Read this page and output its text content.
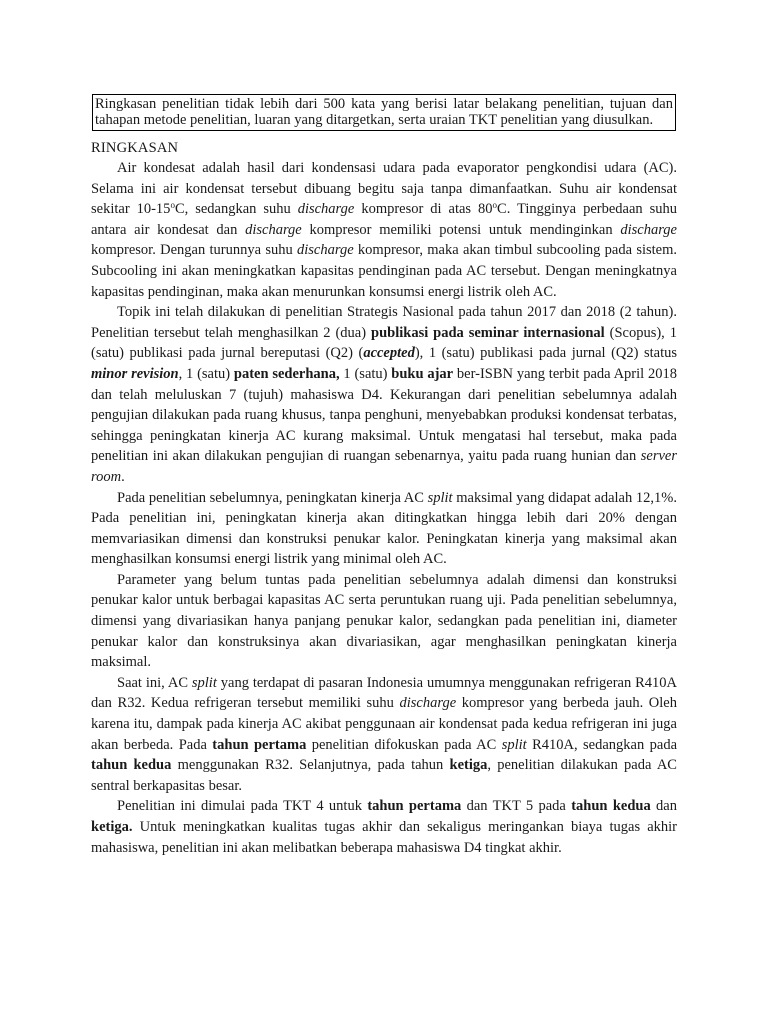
Ringkasan penelitian tidak lebih dari 500 kata yang berisi latar belakang penelitian, tujuan dan tahapan metode penelitian, luaran yang ditargetkan, serta uraian TKT penelitian yang diusulkan.
RINGKASAN

Air kondesat adalah hasil dari kondensasi udara pada evaporator pengkondisi udara (AC). Selama ini air kondensat tersebut dibuang begitu saja tanpa dimanfaatkan. Suhu air kondensat sekitar 10-15$^o$C, sedangkan suhu discharge kompresor di atas 80$^o$C. Tingginya perbedaan suhu antara air kondesat dan discharge kompresor memiliki potensi untuk mendinginkan discharge kompresor. Dengan turunnya suhu discharge kompresor, maka akan timbul subcooling pada sistem. Subcooling ini akan meningkatkan kapasitas pendinginan pada AC tersebut. Dengan meningkatnya kapasitas pendinginan, maka akan menurunkan konsumsi energi listrik oleh AC.

Topik ini telah dilakukan di penelitian Strategis Nasional pada tahun 2017 dan 2018 (2 tahun). Penelitian tersebut telah menghasilkan 2 (dua) publikasi pada seminar internasional (Scopus), 1 (satu) publikasi pada jurnal bereputasi (Q2) (accepted), 1 (satu) publikasi pada jurnal (Q2) status minor revision, 1 (satu) paten sederhana, 1 (satu) buku ajar ber-ISBN yang terbit pada April 2018 dan telah meluluskan 7 (tujuh) mahasiswa D4. Kekurangan dari penelitian sebelumnya adalah pengujian dilakukan pada ruang khusus, tanpa penghuni, menyebabkan produksi kondensat terbatas, sehingga peningkatan kinerja AC kurang maksimal. Untuk mengatasi hal tersebut, maka pada penelitian ini akan dilakukan pengujian di ruangan sebenarnya, yaitu pada ruang hunian dan server room.

Pada penelitian sebelumnya, peningkatan kinerja AC split maksimal yang didapat adalah 12,1%. Pada penelitian ini, peningkatan kinerja akan ditingkatkan hingga lebih dari 20% dengan memvariasikan dimensi dan konstruksi penukar kalor. Peningkatan kinerja yang maksimal akan menghasilkan konsumsi energi listrik yang minimal oleh AC.

Parameter yang belum tuntas pada penelitian sebelumnya adalah dimensi dan konstruksi penukar kalor untuk berbagai kapasitas AC serta peruntukan ruang uji. Pada penelitian sebelumnya, dimensi yang divariasikan hanya panjang penukar kalor, sedangkan pada penelitian ini, diameter penukar kalor dan konstruksinya akan divariasikan, agar menghasilkan peningkatan kinerja maksimal.

Saat ini, AC split yang terdapat di pasaran Indonesia umumnya menggunakan refrigeran R410A dan R32. Kedua refrigeran tersebut memiliki suhu discharge kompresor yang berbeda jauh. Oleh karena itu, dampak pada kinerja AC akibat penggunaan air kondensat pada kedua refrigeran ini juga akan berbeda. Pada tahun pertama penelitian difokuskan pada AC split R410A, sedangkan pada tahun kedua menggunakan R32. Selanjutnya, pada tahun ketiga, penelitian dilakukan pada AC sentral berkapasitas besar.

Penelitian ini dimulai pada TKT 4 untuk tahun pertama dan TKT 5 pada tahun kedua dan ketiga. Untuk meningkatkan kualitas tugas akhir dan sekaligus meringankan biaya tugas akhir mahasiswa, penelitian ini akan melibatkan beberapa mahasiswa D4 tingkat akhir.
